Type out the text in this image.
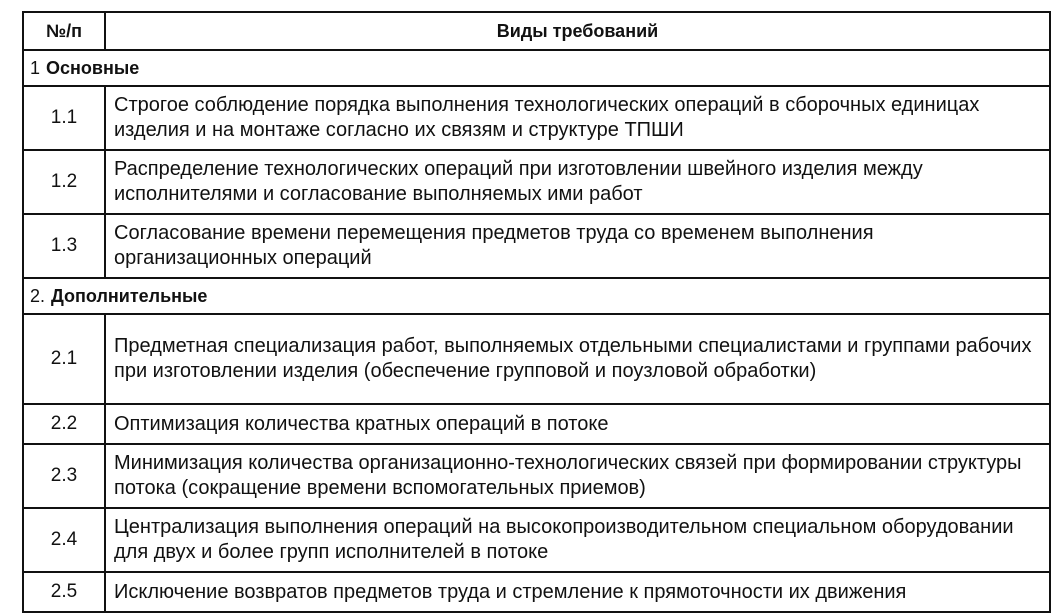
№/п	Виды требований
1 Основные	
1.1	Строгое соблюдение порядка выполнения технологических операций в сборочных единицах изделия и на монтаже согласно их связям и структуре ТПШИ
1.2	Распределение технологических операций при изготовлении швейного изделия между исполнителями и согласование выполняемых ими работ
1.3	Согласование времени перемещения предметов труда со временем выполнения организационных операций
2. Дополнительные	
2.1	Предметная специализация работ, выполняемых отдельными специалистами и группами рабочих при изготовлении изделия (обеспечение групповой и поузловой обработки)
2.2	Оптимизация количества кратных операций в потоке
2.3	Минимизация количества организационно-технологических связей при формировании структуры потока (сокращение времени вспомогательных приемов)
2.4	Централизация выполнения операций на высокопроизводительном специальном оборудовании для двух и более групп исполнителей в потоке
2.5	Исключение возвратов предметов труда и стремление к прямоточности их движения
